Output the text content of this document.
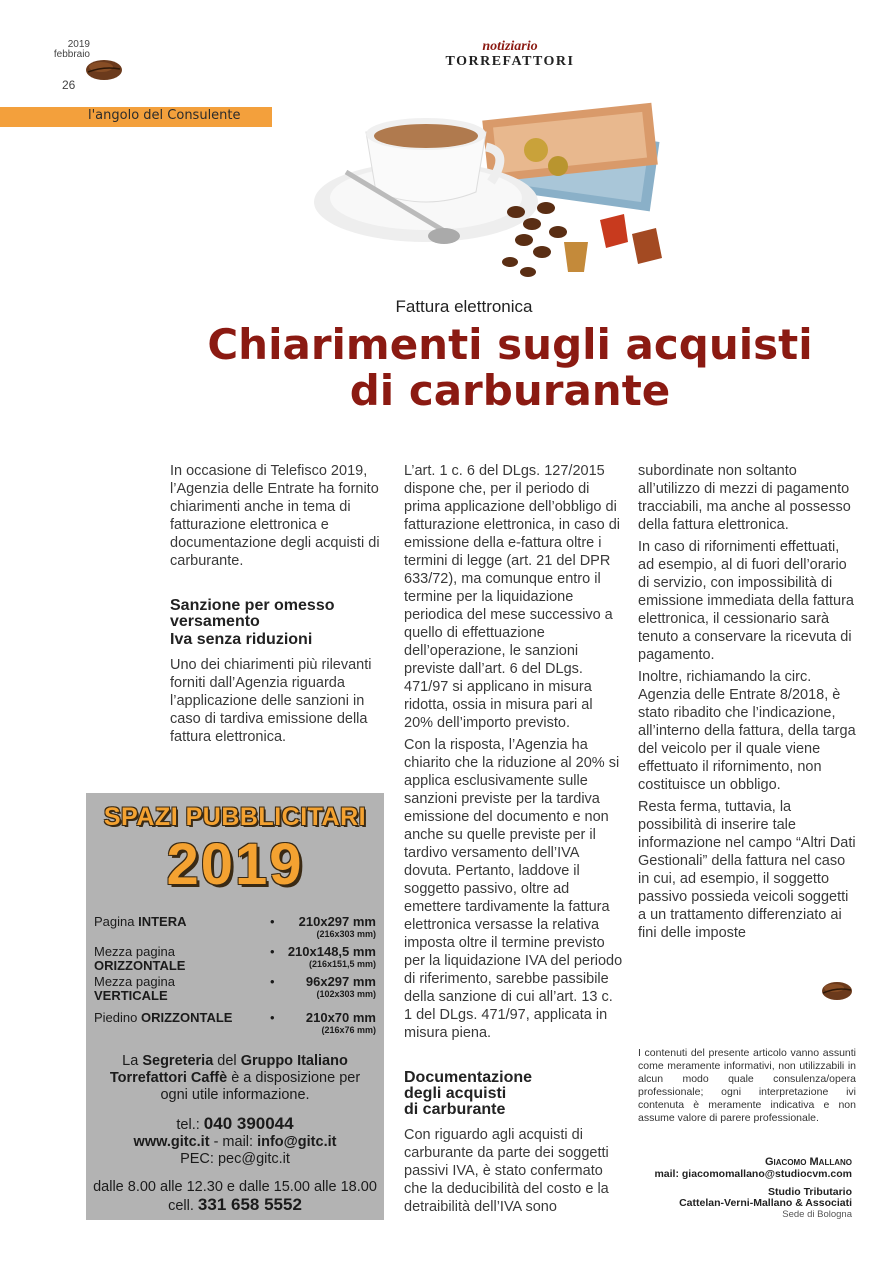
2019
febbraio
26
notiziario
TORREFATTORI
l'angolo del Consulente
Fattura elettronica
Chiarimenti sugli acquisti
di carburante

In occasione di Telefisco 2019, l’Agenzia delle Entrate ha fornito chiarimenti anche in tema di fatturazione elettronica e documentazione degli acquisti di carburante.

Sanzione per omesso
versamento
Iva senza riduzioni

Uno dei chiarimenti più rilevanti forniti dall’Agenzia riguarda l’applicazione delle sanzioni in caso di tardiva emissione della fattura elettronica.

L’art. 1 c. 6 del DLgs. 127/2015 dispone che, per il periodo di prima applicazione dell’obbligo di fatturazione elettronica, in caso di emissione della e-fattura oltre i termini di legge (art. 21 del DPR 633/72), ma comunque entro il termine per la liquidazione periodica del mese successivo a quello di effettuazione dell’operazione, le sanzioni previste dall’art. 6 del DLgs. 471/97 si applicano in misura ridotta, ossia in misura pari al 20% dell’importo previsto.

Con la risposta, l’Agenzia ha chiarito che la riduzione al 20% si applica esclusivamente sulle sanzioni previste per la tardiva emissione del documento e non anche su quelle previste per il tardivo versamento dell’IVA dovuta. Pertanto, laddove il soggetto passivo, oltre ad emettere tardivamente la fattura elettronica versasse la relativa imposta oltre il termine previsto per la liquidazione IVA del periodo di riferimento, sarebbe passibile della sanzione di cui all’art. 13 c. 1 del DLgs. 471/97, applicata in misura piena.

Documentazione
degli acquisti
di carburante

Con riguardo agli acquisti di carburante da parte dei soggetti passivi IVA, è stato confermato che la deducibilità del costo e la detraibilità dell’IVA sono

subordinate non soltanto all’utilizzo di mezzi di pagamento tracciabili, ma anche al possesso della fattura elettronica.

In caso di rifornimenti effettuati, ad esempio, al di fuori dell’orario di servizio, con impossibilità di emissione immediata della fattura elettronica, il cessionario sarà tenuto a conservare la ricevuta di pagamento.

Inoltre, richiamando la circ. Agenzia delle Entrate 8/2018, è stato ribadito che l’indicazione, all’interno della fattura, della targa del veicolo per il quale viene effettuato il rifornimento, non costituisce un obbligo.

Resta ferma, tuttavia, la possibilità di inserire tale informazione nel campo “Altri Dati Gestionali” della fattura nel caso in cui, ad esempio, il soggetto passivo possieda veicoli soggetti a un trattamento differenziato ai fini delle imposte

SPAZI PUBBLICITARI
2019
Pagina INTERA	• 210x297 mm
(216x303 mm)
Mezza pagina
ORIZZONTALE
• 210x148,5 mm
(216x151,5 mm)
Mezza pagina
VERTICALE
• 96x297 mm
(102x303 mm)
Piedino ORIZZONTALE	• 210x70 mm
(216x76 mm)
La Segreteria del Gruppo Italiano Torrefattori Caffè è a disposizione per ogni utile informazione.
tel.: 040 390044
www.gitc.it - mail: info@gitc.it
PEC: pec@gitc.it
dalle 8.00 alle 12.30 e dalle 15.00 alle 18.00
cell. 331 658 5552
I contenuti del presente articolo vanno assunti come meramente informativi, non utilizzabili in alcun modo quale consulenza/opera professionale; ogni interpretazione ivi contenuta è meramente indicativa e non assume valore di parere professionale.
Giacomo Mallano
mail: giacomomallano@studiocvm.com
Studio Tributario
Cattelan-Verni-Mallano & Associati
Sede di Bologna
